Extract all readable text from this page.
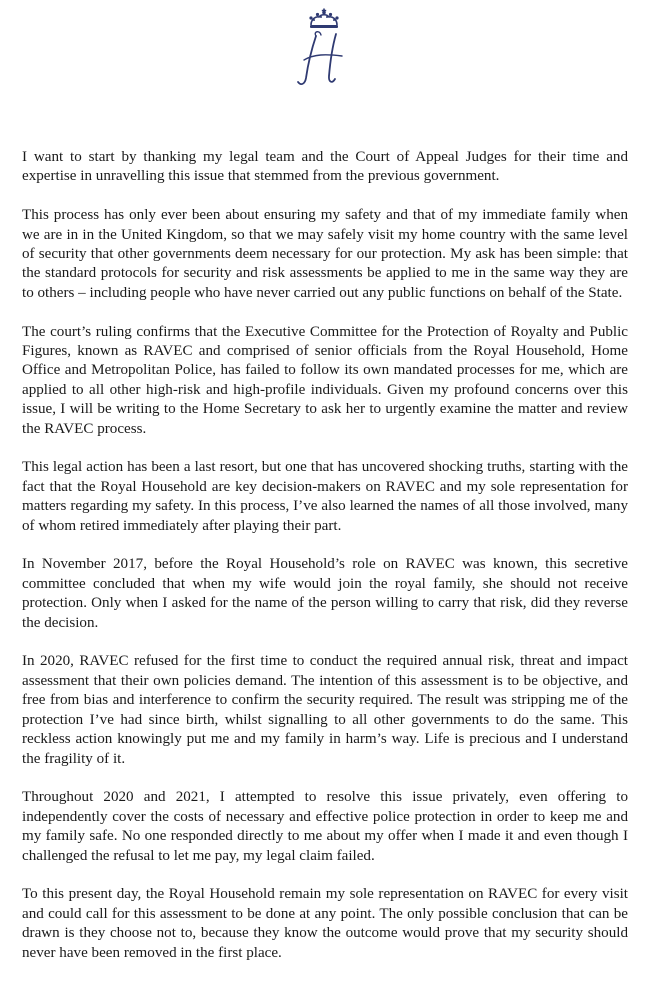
I want to start by thanking my legal team and the Court of Appeal Judges for their time and expertise in unravelling this issue that stemmed from the previous government.

This process has only ever been about ensuring my safety and that of my immediate family when we are in in the United Kingdom, so that we may safely visit my home country with the same level of security that other governments deem necessary for our protection. My ask has been simple: that the standard protocols for security and risk assessments be applied to me in the same way they are to others – including people who have never carried out any public functions on behalf of the State.

The court’s ruling confirms that the Executive Committee for the Protection of Royalty and Public Figures, known as RAVEC and comprised of senior officials from the Royal Household, Home Office and Metropolitan Police, has failed to follow its own mandated processes for me, which are applied to all other high-risk and high-profile individuals. Given my profound concerns over this issue, I will be writing to the Home Secretary to ask her to urgently examine the matter and review the RAVEC process.

This legal action has been a last resort, but one that has uncovered shocking truths, starting with the fact that the Royal Household are key decision-makers on RAVEC and my sole representation for matters regarding my safety. In this process, I’ve also learned the names of all those involved, many of whom retired immediately after playing their part.

In November 2017, before the Royal Household’s role on RAVEC was known, this secretive committee concluded that when my wife would join the royal family, she should not receive protection. Only when I asked for the name of the person willing to carry that risk, did they reverse the decision.

In 2020, RAVEC refused for the first time to conduct the required annual risk, threat and impact assessment that their own policies demand. The intention of this assessment is to be objective, and free from bias and interference to confirm the security required. The result was stripping me of the protection I’ve had since birth, whilst signalling to all other governments to do the same. This reckless action knowingly put me and my family in harm’s way. Life is precious and I understand the fragility of it.

Throughout 2020 and 2021, I attempted to resolve this issue privately, even offering to independently cover the costs of necessary and effective police protection in order to keep me and my family safe. No one responded directly to me about my offer when I made it and even though I challenged the refusal to let me pay, my legal claim failed.

To this present day, the Royal Household remain my sole representation on RAVEC for every visit and could call for this assessment to be done at any point. The only possible conclusion that can be drawn is they choose not to, because they know the outcome would prove that my security should never have been removed in the first place.
